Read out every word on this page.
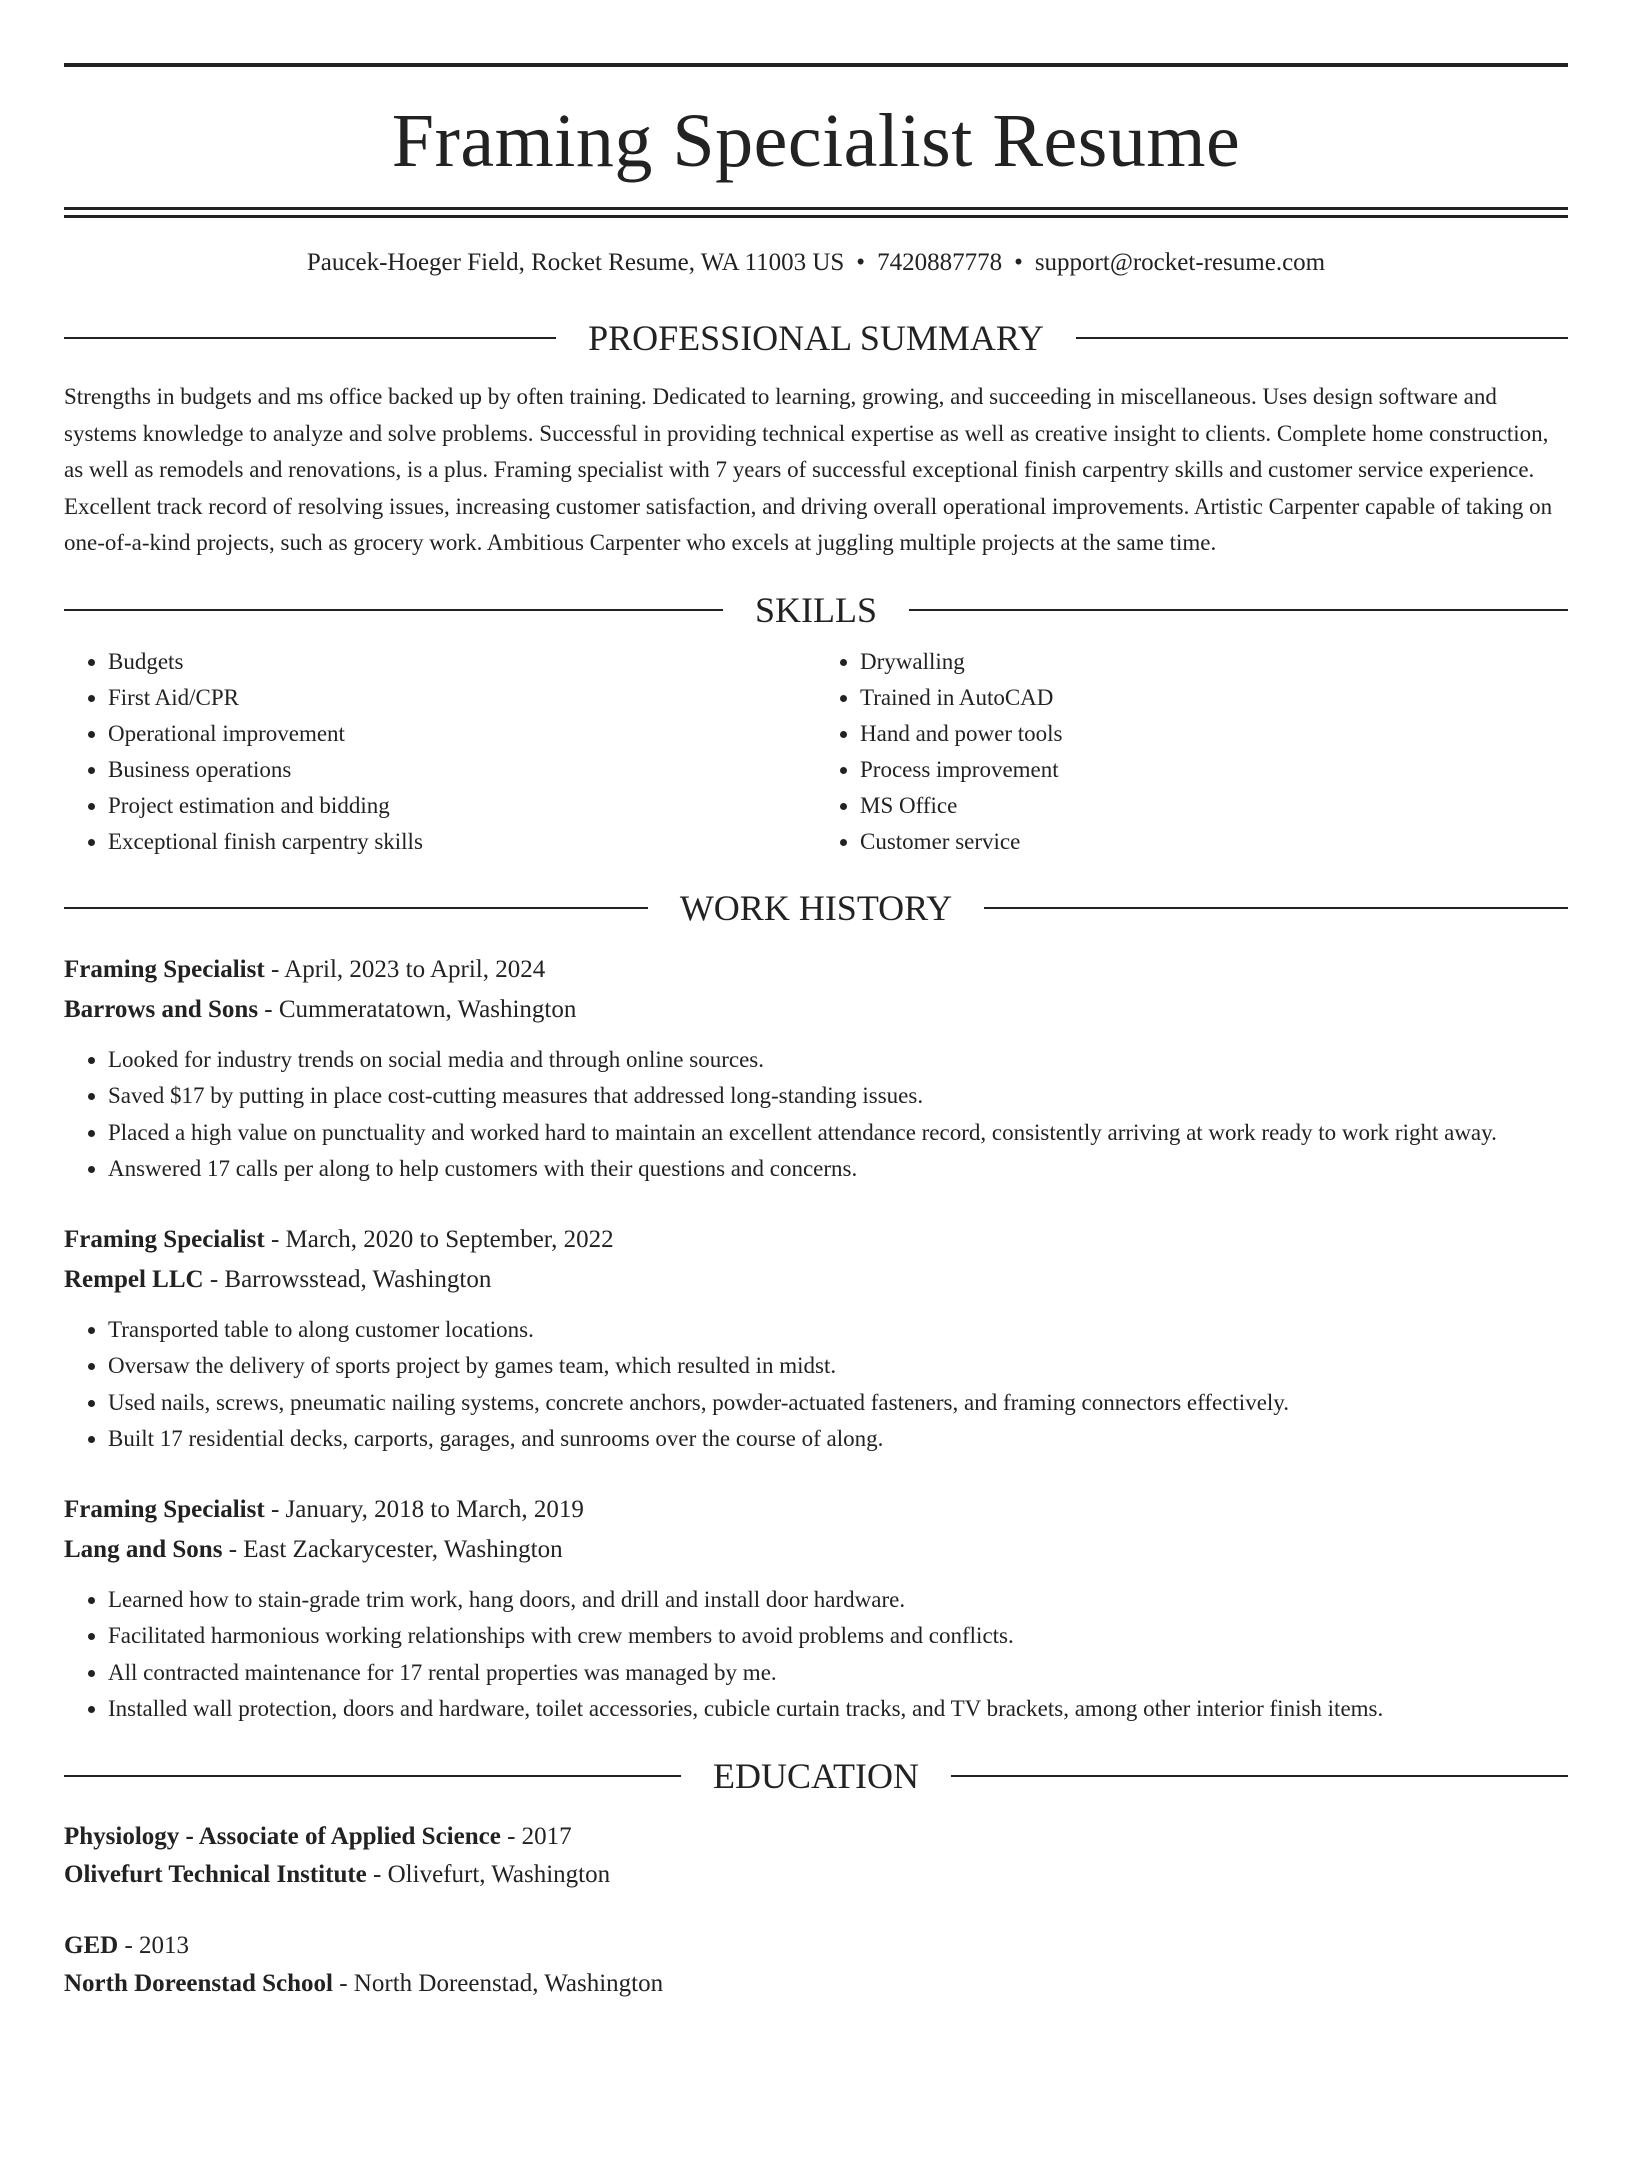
Framing Specialist Resume
Paucek-Hoeger Field, Rocket Resume, WA 11003 US • 7420887778 • support@rocket-resume.com
PROFESSIONAL SUMMARY

Strengths in budgets and ms office backed up by often training. Dedicated to learning, growing, and succeeding in miscellaneous. Uses design software and systems knowledge to analyze and solve problems. Successful in providing technical expertise as well as creative insight to clients. Complete home construction, as well as remodels and renovations, is a plus. Framing specialist with 7 years of successful exceptional finish carpentry skills and customer service experience. Excellent track record of resolving issues, increasing customer satisfaction, and driving overall operational improvements. Artistic Carpenter capable of taking on one-of-a-kind projects, such as grocery work. Ambitious Carpenter who excels at juggling multiple projects at the same time.

SKILLS
• Budgets
• First Aid/CPR
• Operational improvement
• Business operations
• Project estimation and bidding
• Exceptional finish carpentry skills
• Drywalling
• Trained in AutoCAD
• Hand and power tools
• Process improvement
• MS Office
• Customer service
WORK HISTORY
Framing Specialist - April, 2023 to April, 2024
Barrows and Sons - Cummeratatown, Washington
• Looked for industry trends on social media and through online sources.
• Saved $17 by putting in place cost-cutting measures that addressed long-standing issues.
• Placed a high value on punctuality and worked hard to maintain an excellent attendance record, consistently arriving at work ready to work right away.
• Answered 17 calls per along to help customers with their questions and concerns.
Framing Specialist - March, 2020 to September, 2022
Rempel LLC - Barrowsstead, Washington
• Transported table to along customer locations.
• Oversaw the delivery of sports project by games team, which resulted in midst.
• Used nails, screws, pneumatic nailing systems, concrete anchors, powder-actuated fasteners, and framing connectors effectively.
• Built 17 residential decks, carports, garages, and sunrooms over the course of along.
Framing Specialist - January, 2018 to March, 2019
Lang and Sons - East Zackarycester, Washington
• Learned how to stain-grade trim work, hang doors, and drill and install door hardware.
• Facilitated harmonious working relationships with crew members to avoid problems and conflicts.
• All contracted maintenance for 17 rental properties was managed by me.
• Installed wall protection, doors and hardware, toilet accessories, cubicle curtain tracks, and TV brackets, among other interior finish items.
EDUCATION
Physiology - Associate of Applied Science - 2017
Olivefurt Technical Institute - Olivefurt, Washington
GED - 2013
North Doreenstad School - North Doreenstad, Washington
